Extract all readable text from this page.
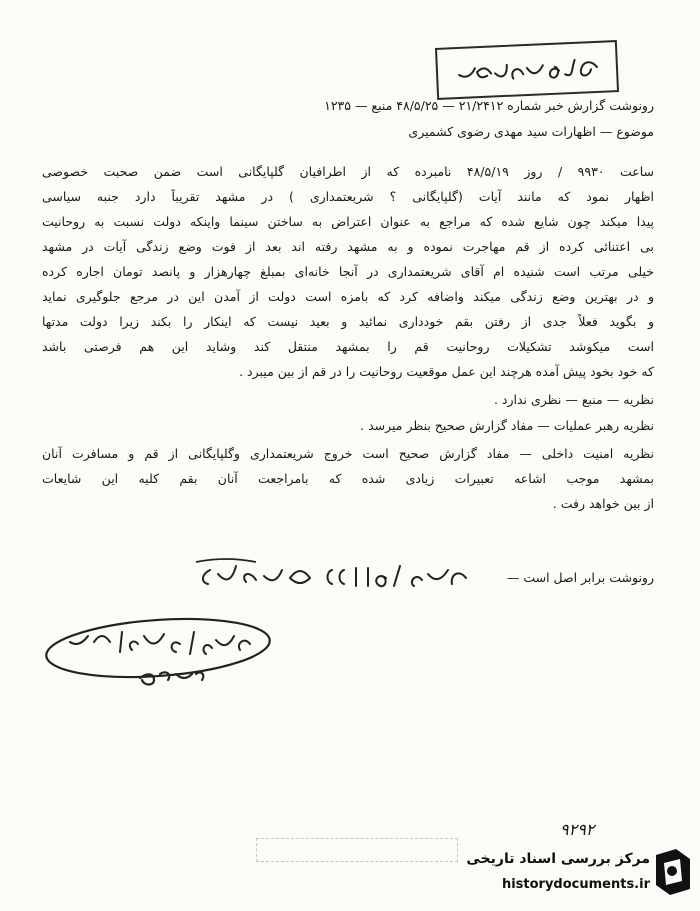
حاکمیت دانشگاه
رونوشت گزارش خبر شماره ۲۱/۲۴۱۲ — ۴۸/۵/۲۵ منبع — ۱۲۳۵
موضوع — اظهارات سید مهدی رضوی کشمیری
ساعت ۹۹۳۰ / روز ۴۸/۵/۱۹ نامبرده که از اطرافیان گلپایگانی است ضمن صحبت خصوصی
اظهار نمود که مانند آیات (گلپایگانی ؟ شریعتمداری ) در مشهد تقریباً دارد جنبه سیاسی
پیدا میکند چون شایع شده که مراجع به عنوان اعتراض به ساختن سینما واینکه دولت نسبت به روحانیت
بی اعتنائی کرده از قم مهاجرت نموده و به مشهد رفته اند بعد از فوت وضع زندگی آیات در مشهد
خیلی مرتب است شنیده ام آقای شریعتمداری در آنجا خانه‌ای بمبلغ چهارهزار و پانصد تومان اجاره کرده
و در بهترین وضع زندگی میکند واضافه کرد که بامزه است دولت از آمدن این در مرجع جلوگیری نماید
و بگوید فعلاً جدی از رفتن بقم خودداری نمائید و بعید نیست که اینکار را بکند زیرا دولت مدتها
است میکوشد تشکیلات روحانیت قم را بمشهد منتقل کند وشاید این هم فرصتی باشد
که خود بخود پیش آمده هرچند این عمل موقعیت روحانیت را در قم از بین میبرد .
نظریه — منبع — نظری ندارد .
نظریه رهبر عملیات — مفاد گزارش صحیح بنظر میرسد .
نظریه امنیت داخلی — مفاد گزارش صحیح است خروج شریعتمداری وگلپایگانی از قم و مسافرت آنان
بمشهد موجب اشاعه تعبیرات زیادی شده که بامراجعت آنان بقم کلیه این شایعات
از بین خواهد رفت .
رونوشت برابر اصل است —
۹۲۹۲
مرکز بررسی اسناد تاریخی
historydocuments.ir
